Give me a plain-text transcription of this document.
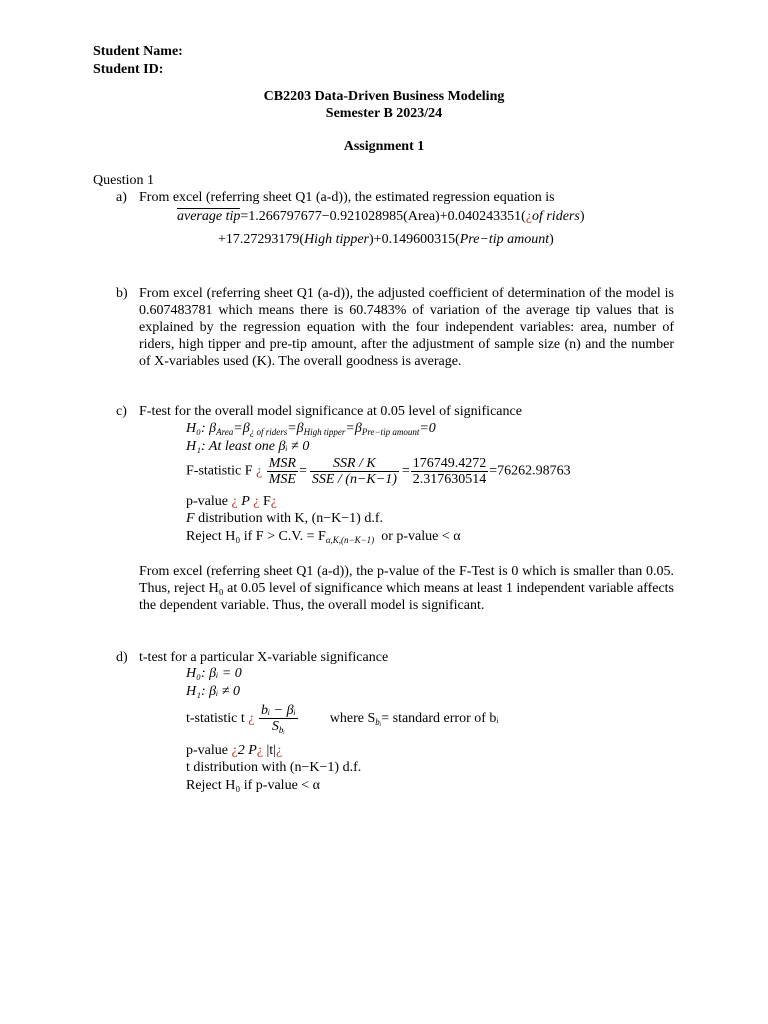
Student Name:
Student ID:
CB2203 Data-Driven Business Modeling
Semester B 2023/24
Assignment 1
Question 1
a) From excel (referring sheet Q1 (a-d)), the estimated regression equation is
average tip=1.266797677−0.921028985(Area)+0.040243351(¿of riders)
+17.27293179(High tipper)+0.149600315(Pre−tip amount)
b) From excel (referring sheet Q1 (a-d)), the adjusted coefficient of determination of the model is 0.607483781 which means there is 60.7483% of variation of the average tip values that is explained by the regression equation with the four independent variables: area, number of riders, high tipper and pre-tip amount, after the adjustment of sample size (n) and the number of X-variables used (K). The overall goodness is average.
c) F-test for the overall model significance at 0.05 level of significance
H₀: $\beta_{Area}=\beta_{¿ of riders}=\beta_{High tipper}=\beta_{Pre-tip amount}=0$
H₁: At least one βᵢ ≠ 0
F-statistic F ¿ $\frac{\text{MSR}}{\text{MSE}} = \frac{\text{SSR / K}}{\text{SSE / (n−K−1)}} = \frac{176749.4272}{2.317630514} =76262.98763$
p-value ¿ P ¿ F¿
F distribution with K, (n−K−1) d.f.
Reject H₀ if F > C.V. = $F_{\alpha,K,(n-K-1)}$ or p-value < α
From excel (referring sheet Q1 (a-d)), the p-value of the F-Test is 0 which is smaller than 0.05. Thus, reject H₀ at 0.05 level of significance which means at least 1 independent variable affects the dependent variable. Thus, the overall model is significant.
d) t-test for a particular X-variable significance
H₀: βᵢ = 0
H₁: βᵢ ≠ 0
t-statistic t ¿ $\frac{\text{bᵢ − βᵢ}}{S_{bᵢ}}$ where $S_{bᵢ}=$ standard error of bᵢ
p-value ¿2 P¿ |t|¿
t distribution with (n−K−1) d.f.
Reject H₀ if p-value < α
